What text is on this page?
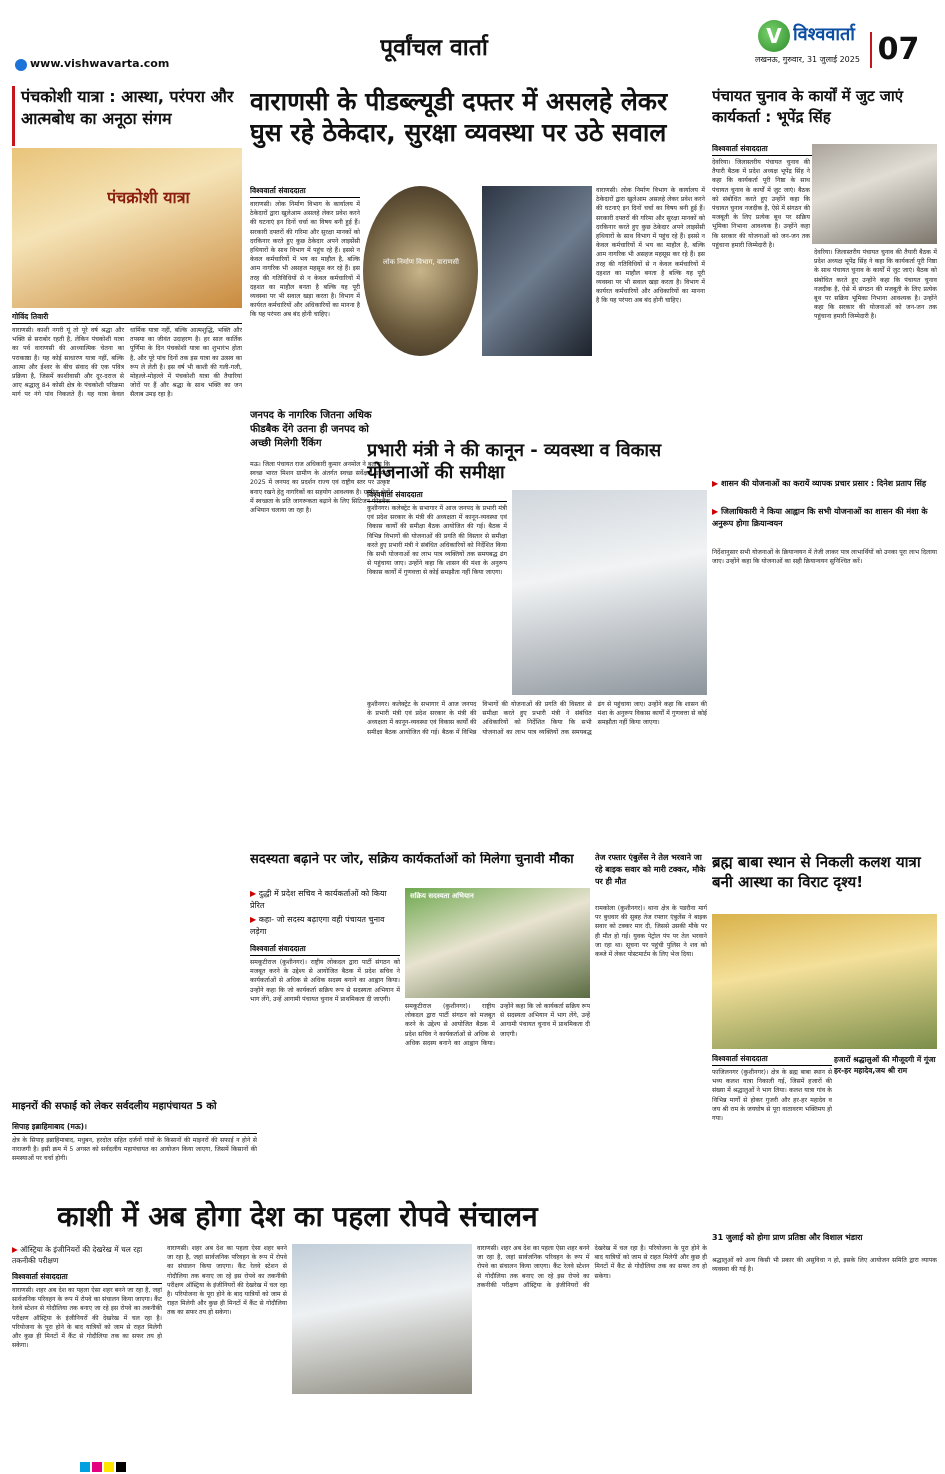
पूर्वांचल वार्ता	V विश्ववार्ता
लखनऊ, गुरुवार, 31 जुलाई 2025 07
www.vishwavarta.com
पंचकोशी यात्रा : आस्था, परंपरा और आत्मबोध का अनूठा संगम
पंचक्रोशी यात्रा
गोविंद तिवारी
वाराणसी। काशी नगरी यूं तो पूरे वर्ष श्रद्धा और भक्ति से सराबोर रहती है, लेकिन पंचकोशी यात्रा का पर्व वाराणसी की आध्यात्मिक चेतना का पराकाष्ठा है। यह कोई साधारण यात्रा नहीं, बल्कि आत्मा और ईश्वर के बीच संवाद की एक पवित्र प्रक्रिया है, जिसमें काशीवासी और दूर-दराज से आए श्रद्धालु 84 कोसी क्षेत्र के पंचकोशी परिक्रमा मार्ग पर नंगे पांव निकलते हैं। यह यात्रा केवल धार्मिक यात्रा नहीं, बल्कि आत्मशुद्धि, भक्ति और तपस्या का जीवंत उदाहरण है। हर साल कार्तिक पूर्णिमा के दिन पंचकोशी यात्रा का शुभारंभ होता है, और पूरे पांच दिनों तक इस यात्रा का उत्सव का रूप ले लेती है। इस वर्ष भी काशी की गली-गली, मोहल्ले-मोहल्ले में पंचकोशी यात्रा की तैयारियां जोरों पर हैं और श्रद्धा के साथ भक्ति का जन सैलाब उमड़ रहा है।
वाराणसी के पीडब्ल्यूडी दफ्तर में असलहे लेकर घुस रहे ठेकेदार, सुरक्षा व्यवस्था पर उठे सवाल
विश्ववार्ता संवाददाता
वाराणसी। लोक निर्माण विभाग के कार्यालय में ठेकेदारों द्वारा खुलेआम असलहे लेकर प्रवेश करने की घटनाएं इन दिनों चर्चा का विषय बनी हुई हैं। सरकारी दफ्तरों की गरिमा और सुरक्षा मानकों को दरकिनार करते हुए कुछ ठेकेदार अपने लाइसेंसी हथियारों के साथ विभाग में पहुंच रहे हैं। इससे न केवल कर्मचारियों में भय का माहौल है, बल्कि आम नागरिक भी असहज महसूस कर रहे हैं। इस तरह की गतिविधियों से न केवल कर्मचारियों में दहशत का माहौल बनता है बल्कि यह पूरी व्यवस्था पर भी सवाल खड़ा करता है। विभाग में कार्यरत कर्मचारियों और अधिकारियों का मानना है कि यह परंपरा अब बंद होनी चाहिए।
लोक निर्माण विभाग, वाराणसी
वाराणसी। लोक निर्माण विभाग के कार्यालय में ठेकेदारों द्वारा खुलेआम असलहे लेकर प्रवेश करने की घटनाएं इन दिनों चर्चा का विषय बनी हुई हैं। सरकारी दफ्तरों की गरिमा और सुरक्षा मानकों को दरकिनार करते हुए कुछ ठेकेदार अपने लाइसेंसी हथियारों के साथ विभाग में पहुंच रहे हैं। इससे न केवल कर्मचारियों में भय का माहौल है, बल्कि आम नागरिक भी असहज महसूस कर रहे हैं। इस तरह की गतिविधियों से न केवल कर्मचारियों में दहशत का माहौल बनता है बल्कि यह पूरी व्यवस्था पर भी सवाल खड़ा करता है। विभाग में कार्यरत कर्मचारियों और अधिकारियों का मानना है कि यह परंपरा अब बंद होनी चाहिए।
जनपद के नागरिक जितना अधिक फीडबैक देंगे उतना ही जनपद को अच्छी मिलेगी रैंकिंग
मऊ। जिला पंचायत राज अधिकारी कुमार अनमोल ने बताया कि स्वच्छ भारत मिशन ग्रामीण के अंतर्गत स्वच्छ सर्वेक्षण ग्रामीण 2025 में जनपद का प्रदर्शन राज्य एवं राष्ट्रीय स्तर पर उत्कृष्ट बनाए रखने हेतु नागरिकों का सहयोग आवश्यक है। ग्रामीण क्षेत्रों में स्वच्छता के प्रति जागरूकता बढ़ाने के लिए सिटिजन फीडबैक अभियान चलाया जा रहा है।
पंचायत चुनाव के कार्यों में जुट जाएं कार्यकर्ता : भूपेंद्र सिंह
विश्ववार्ता संवाददाता
देवरिया। जिलास्तरीय पंचायत चुनाव की तैयारी बैठक में प्रदेश अध्यक्ष भूपेंद्र सिंह ने कहा कि कार्यकर्ता पूरी निष्ठा के साथ पंचायत चुनाव के कार्यों में जुट जाएं। बैठक को संबोधित करते हुए उन्होंने कहा कि पंचायत चुनाव नजदीक है, ऐसे में संगठन की मजबूती के लिए प्रत्येक बूथ पर सक्रिय भूमिका निभाना आवश्यक है। उन्होंने कहा कि सरकार की योजनाओं को जन-जन तक पहुंचाना हमारी जिम्मेदारी है।
देवरिया। जिलास्तरीय पंचायत चुनाव की तैयारी बैठक में प्रदेश अध्यक्ष भूपेंद्र सिंह ने कहा कि कार्यकर्ता पूरी निष्ठा के साथ पंचायत चुनाव के कार्यों में जुट जाएं। बैठक को संबोधित करते हुए उन्होंने कहा कि पंचायत चुनाव नजदीक है, ऐसे में संगठन की मजबूती के लिए प्रत्येक बूथ पर सक्रिय भूमिका निभाना आवश्यक है। उन्होंने कहा कि सरकार की योजनाओं को जन-जन तक पहुंचाना हमारी जिम्मेदारी है।
▶ शासन की योजनाओं का करायें व्यापक प्रचार प्रसार : दिनेश प्रताप सिंह
▶ जिलाधिकारी ने किया आह्वान कि सभी योजनाओं का शासन की मंशा के अनुरूप होगा क्रियान्वयन
निर्देशानुसार सभी योजनाओं के क्रियान्वयन में तेजी लाकर पात्र लाभार्थियों को उनका पूरा लाभ दिलाया जाए। उन्होंने कहा कि योजनाओं का सही क्रियान्वयन सुनिश्चित करें।
प्रभारी मंत्री ने की कानून - व्यवस्था व विकास योजनाओं की समीक्षा
विश्ववार्ता संवाददाता
कुशीनगर। कलेक्ट्रेट के सभागार में आज जनपद के प्रभारी मंत्री एवं प्रदेश सरकार के मंत्री की अध्यक्षता में कानून-व्यवस्था एवं विकास कार्यों की समीक्षा बैठक आयोजित की गई। बैठक में विभिन्न विभागों की योजनाओं की प्रगति की विस्तार से समीक्षा करते हुए प्रभारी मंत्री ने संबंधित अधिकारियों को निर्देशित किया कि सभी योजनाओं का लाभ पात्र व्यक्तियों तक समयबद्ध ढंग से पहुंचाया जाए। उन्होंने कहा कि शासन की मंशा के अनुरूप विकास कार्यों में गुणवत्ता से कोई समझौता नहीं किया जाएगा।
कुशीनगर। कलेक्ट्रेट के सभागार में आज जनपद के प्रभारी मंत्री एवं प्रदेश सरकार के मंत्री की अध्यक्षता में कानून-व्यवस्था एवं विकास कार्यों की समीक्षा बैठक आयोजित की गई। बैठक में विभिन्न विभागों की योजनाओं की प्रगति की विस्तार से समीक्षा करते हुए प्रभारी मंत्री ने संबंधित अधिकारियों को निर्देशित किया कि सभी योजनाओं का लाभ पात्र व्यक्तियों तक समयबद्ध ढंग से पहुंचाया जाए। उन्होंने कहा कि शासन की मंशा के अनुरूप विकास कार्यों में गुणवत्ता से कोई समझौता नहीं किया जाएगा।
सदस्यता बढ़ाने पर जोर, सक्रिय कार्यकर्ताओं को मिलेगा चुनावी मौका
▶ दुद्धी में प्रदेश सचिव ने कार्यकर्ताओं को किया प्रेरित
▶ कहा- जो सदस्य बढ़ाएगा वही पंचायत चुनाव लड़ेगा
विश्ववार्ता संवाददाता
समकूटीराज (कुशीनगर)। राष्ट्रीय लोकदल द्वारा पार्टी संगठन को मजबूत करने के उद्देश्य से आयोजित बैठक में प्रदेश सचिव ने कार्यकर्ताओं से अधिक से अधिक सदस्य बनाने का आह्वान किया। उन्होंने कहा कि जो कार्यकर्ता सक्रिय रूप से सदस्यता अभियान में भाग लेंगे, उन्हें आगामी पंचायत चुनाव में प्राथमिकता दी जाएगी।
सक्रिय सदस्यता अभियान
समकूटीराज (कुशीनगर)। राष्ट्रीय लोकदल द्वारा पार्टी संगठन को मजबूत करने के उद्देश्य से आयोजित बैठक में प्रदेश सचिव ने कार्यकर्ताओं से अधिक से अधिक सदस्य बनाने का आह्वान किया। उन्होंने कहा कि जो कार्यकर्ता सक्रिय रूप से सदस्यता अभियान में भाग लेंगे, उन्हें आगामी पंचायत चुनाव में प्राथमिकता दी जाएगी।
तेज रफ्तार एंबुलेंस ने तेल भरवाने जा रहे बाइक सवार को मारी टक्कर, मौके पर ही मौत
रामकोला (कुशीनगर)। थाना क्षेत्र के पडरौना मार्ग पर बुधवार की सुबह तेज रफ्तार एंबुलेंस ने बाइक सवार को टक्कर मार दी, जिससे उसकी मौके पर ही मौत हो गई। युवक पेट्रोल पंप पर तेल भरवाने जा रहा था। सूचना पर पहुंची पुलिस ने शव को कब्जे में लेकर पोस्टमार्टम के लिए भेज दिया।
ब्रह्म बाबा स्थान से निकली कलश यात्रा बनी आस्था का विराट दृश्य!
विश्ववार्ता संवाददाता	हजारों श्रद्धालुओं की मौजूदगी में गूंजा हर-हर महादेव,जय श्री राम
फाजिलनगर (कुशीनगर)। क्षेत्र के ब्रह्म बाबा स्थान से भव्य कलश यात्रा निकाली गई, जिसमें हजारों की संख्या में श्रद्धालुओं ने भाग लिया। कलश यात्रा गांव के विभिन्न मार्गों से होकर गुजरी और हर-हर महादेव व जय श्री राम के जयघोष से पूरा वातावरण भक्तिमय हो गया।
31 जुलाई को होगा प्राण प्रतिष्ठा और विशाल भंडारा
श्रद्धालुओं को अन्य किसी भी प्रकार की असुविधा न हो, इसके लिए आयोजन समिति द्वारा व्यापक व्यवस्था की गई है।
माइनरों की सफाई को लेकर सर्वदलीय महापंचायत 5 को
सिपाह इब्राहिमाबाद (मऊ)।
क्षेत्र के सिपाह इब्राहिमाबाद, मधुबन, हरदोल सहित दर्जनों गांवों के किसानों की माइनरों की सफाई न होने से नाराजगी है। इसी क्रम में 5 अगस्त को सर्वदलीय महापंचायत का आयोजन किया जाएगा, जिसमें किसानों की समस्याओं पर चर्चा होगी।
काशी में अब होगा देश का पहला रोपवे संचालन
▶ ऑस्ट्रिया के इंजीनियरों की देखरेख में चल रहा तकनीकी परीक्षण
विश्ववार्ता संवाददाता
वाराणसी। शहर अब देश का पहला ऐसा शहर बनने जा रहा है, जहां सार्वजनिक परिवहन के रूप में रोपवे का संचालन किया जाएगा। कैंट रेलवे स्टेशन से गोदौलिया तक बनाए जा रहे इस रोपवे का तकनीकी परीक्षण ऑस्ट्रिया के इंजीनियरों की देखरेख में चल रहा है। परियोजना के पूरा होने के बाद यात्रियों को जाम से राहत मिलेगी और कुछ ही मिनटों में कैंट से गोदौलिया तक का सफर तय हो सकेगा।
वाराणसी। शहर अब देश का पहला ऐसा शहर बनने जा रहा है, जहां सार्वजनिक परिवहन के रूप में रोपवे का संचालन किया जाएगा। कैंट रेलवे स्टेशन से गोदौलिया तक बनाए जा रहे इस रोपवे का तकनीकी परीक्षण ऑस्ट्रिया के इंजीनियरों की देखरेख में चल रहा है। परियोजना के पूरा होने के बाद यात्रियों को जाम से राहत मिलेगी और कुछ ही मिनटों में कैंट से गोदौलिया तक का सफर तय हो सकेगा।
वाराणसी। शहर अब देश का पहला ऐसा शहर बनने जा रहा है, जहां सार्वजनिक परिवहन के रूप में रोपवे का संचालन किया जाएगा। कैंट रेलवे स्टेशन से गोदौलिया तक बनाए जा रहे इस रोपवे का तकनीकी परीक्षण ऑस्ट्रिया के इंजीनियरों की देखरेख में चल रहा है। परियोजना के पूरा होने के बाद यात्रियों को जाम से राहत मिलेगी और कुछ ही मिनटों में कैंट से गोदौलिया तक का सफर तय हो सकेगा।
